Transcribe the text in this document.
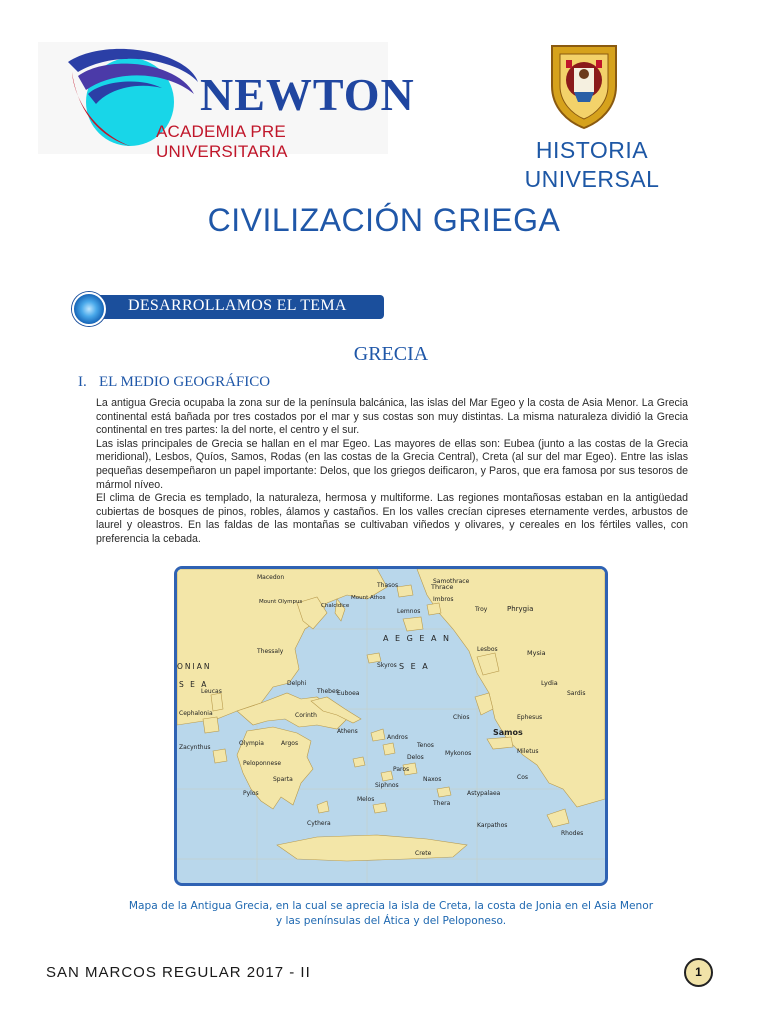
NEWTON
ACADEMIA PRE UNIVERSITARIA	HISTORIA
UNIVERSAL
CIVILIZACIÓN GRIEGA
DESARROLLAMOS EL TEMA
GRECIA
I. EL MEDIO GEOGRÁFICO

La antigua Grecia ocupaba la zona sur de la península balcánica, las islas del Mar Egeo y la costa de Asia Menor. La Grecia continental está bañada por tres costados por el mar y sus costas son muy distintas. La misma naturaleza dividió la Grecia continental en tres partes: la del norte, el centro y el sur.

Las islas principales de Grecia se hallan en el mar Egeo. Las mayores de ellas son: Eubea (junto a las costas de la Grecia meridional), Lesbos, Quíos, Samos, Rodas (en las costas de la Grecia Central), Creta (al sur del mar Egeo). Entre las islas pequeñas desempeñaron un papel importante: Delos, que los griegos deificaron, y Paros, que era famosa por sus tesoros de mármol níveo.

El clima de Grecia es templado, la naturaleza, hermosa y multiforme. Las regiones montañosas estaban en la antigüedad cubiertas de bosques de pinos, robles, álamos y castaños. En los valles crecían cipreses eternamente verdes, arbustos de laurel y oleastros. En las faldas de las montañas se cultivaban viñedos y olivares, y cereales en los fértiles valles, con preferencia la cebada.

Macedon
Thrace
Phrygia
A E G E A N
S E A
ONIAN
S E A
Mysia
Lydia
Samos
Chios
Lesbos
Peloponnese
Cythera
Crete
Rhodes
Thera
Naxos
Euboea
Thessaly
Athens
Sparta
Andros
Delos
Paros
Skyros
Zacynthus
Cephalonia
Leucas
Lemnos
Imbros
Samothrace
Thasos
Mount Olympus
Mount Athos
Troy
Sardis
Ephesus
Miletus
Cos
Melos
Tenos
Mykonos
Siphnos
Karpathos
Astypalaea
Corinth
Delphi
Thebes
Argos
Olympia
Pylos
Chalcidice
Mapa de la Antigua Grecia, en la cual se aprecia la isla de Creta, la costa de Jonia en el Asia Menor
y las penínsulas del Ática y del Peloponeso.
SAN MARCOS REGULAR 2017 - II	1
